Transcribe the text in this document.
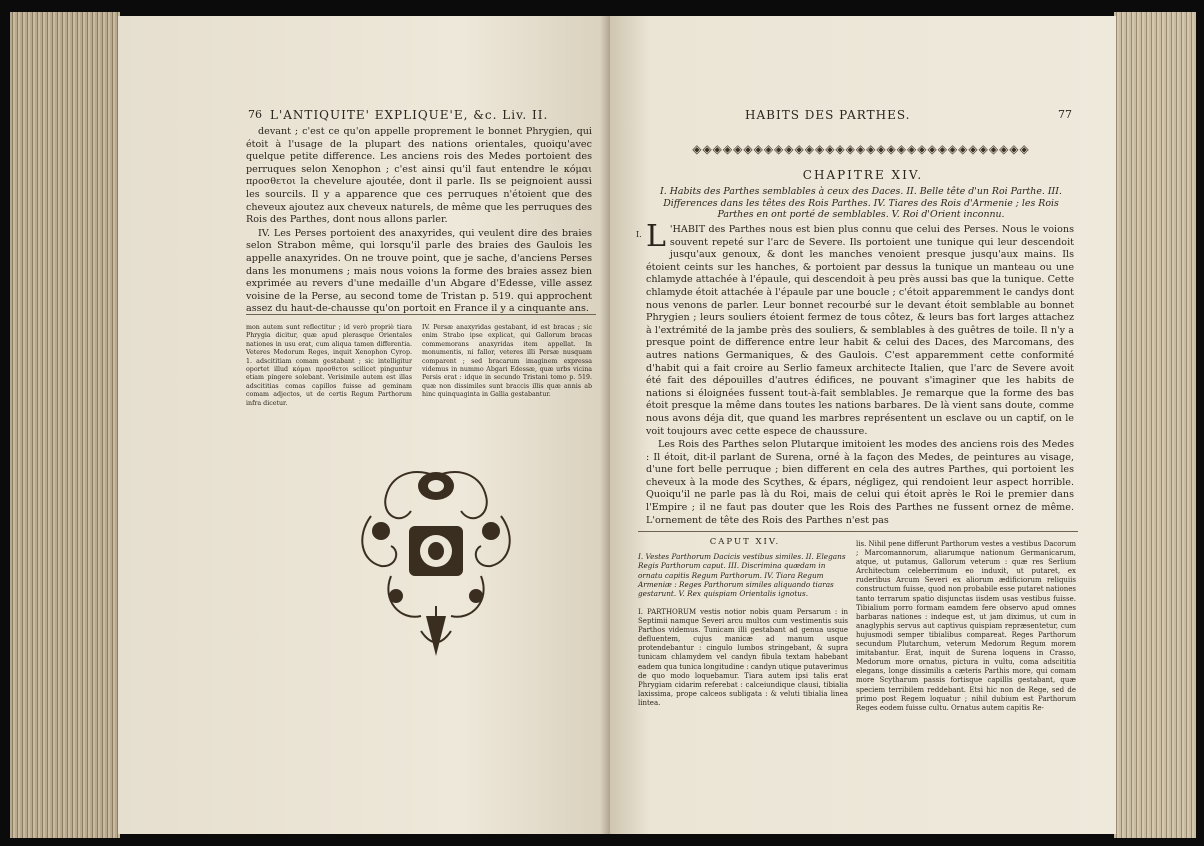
76 L'ANTIQUITE' EXPLIQUE'E, &c. Liv. II.

devant ; c'est ce qu'on appelle proprement le bonnet Phrygien, qui étoit à l'usage de la plupart des nations orientales, quoiqu'avec quelque petite difference. Les anciens rois des Medes portoient des perruques selon Xenophon ; c'est ainsi qu'il faut entendre le κόμαι προσθετοι la chevelure ajoutée, dont il parle. Ils se peignoient aussi les sourcils. Il y a apparence que ces perruques n'étoient que des cheveux ajoutez aux cheveux naturels, de même que les perruques des Rois des Parthes, dont nous allons parler.

IV. Les Perses portoient des anaxyrides, qui veulent dire des braies selon Strabon même, qui lorsqu'il parle des braies des Gaulois les appelle anaxyrides. On ne trouve point, que je sache, d'anciens Perses dans les monumens ; mais nous voions la forme des braies assez bien exprimée au revers d'une medaille d'un Abgare d'Edesse, ville assez voisine de la Perse, au second tome de Tristan p. 519. qui approchent assez du haut-de-chausse qu'on portoit en France il y a cinquante ans.

mon autem sunt reflectitur ; id verò propriè tiara Phrygia dicitur, quæ apud plerasque Orientales nationes in usu erat, cum aliqua tamen differentia. Veteres Medorum Reges, inquit Xenophon Cyrop. 1. adscititiam comam gestabant ; sic intelligitur oportet illud κόμαι προσθετοι scilicet pinguntur etiam pingere solebant. Verisimile autem est illas adscititias comas capillos fuisse ad geminam comam adjectos, ut de certis Regum Parthorum infra dicetur.

IV. Persæ anaxyridas gestabant, id est bracas ; sic enim Strabo ipse explicat, qui Gallorum bracas commemorans anaxyridas item appellat. In monumentis, ni fallor, veteres illi Persæ nusquam comparent ; sed bracarum imaginem expressa videmus in nummo Abgari Edessæ, quæ urbs vicina Persis erat : idque in secundo Tristani tomo p. 519. quæ non dissimiles sunt braccis illis quæ annis ab hinc quinquaginta in Gallia gestabantur.

HABITS DES PARTHES.	77
◈◈◈◈◈◈◈◈◈◈◈◈◈◈◈◈◈◈◈◈◈◈◈◈◈◈◈◈◈◈◈◈◈
CHAPITRE XIV.
I. Habits des Parthes semblables à ceux des Daces. II. Belle tête d'un Roi Parthe. III. Differences dans les têtes des Rois Parthes. IV. Tiares des Rois d'Armenie ; les Rois Parthes en ont porté de semblables. V. Roi d'Orient inconnu.
I. L 'HABIT des Parthes nous est bien plus connu que celui des Perses. Nous le voions souvent repeté sur l'arc de Severe. Ils portoient une tunique qui leur descendoit jusqu'aux genoux, & dont les manches venoient presque jusqu'aux mains. Ils étoient ceints sur les hanches, & portoient par dessus la tunique un manteau ou une chlamyde attachée à l'épaule, qui descendoit à peu près aussi bas que la tunique. Cette chlamyde étoit attachée à l'épaule par une boucle ; c'étoit apparemment le candys dont nous venons de parler. Leur bonnet recourbé sur le devant étoit semblable au bonnet Phrygien ; leurs souliers étoient fermez de tous côtez, & leurs bas fort larges attachez à l'extrémité de la jambe près des souliers, & semblables à des guêtres de toile. Il n'y a presque point de difference entre leur habit & celui des Daces, des Marcomans, des autres nations Germaniques, & des Gaulois. C'est apparemment cette conformité d'habit qui a fait croire au Serlio fameux architecte Italien, que l'arc de Severe avoit été fait des dépouilles d'autres édifices, ne pouvant s'imaginer que les habits de nations si éloignées fussent tout-à-fait semblables. Je remarque que la forme des bas étoit presque la même dans toutes les nations barbares. De là vient sans doute, comme nous avons déja dit, que quand les marbres représentent un esclave ou un captif, on le voit toujours avec cette espece de chaussure.

Les Rois des Parthes selon Plutarque imitoient les modes des anciens rois des Medes : Il étoit, dit-il parlant de Surena, orné à la façon des Medes, de peintures au visage, d'une fort belle perruque ; bien different en cela des autres Parthes, qui portoient les cheveux à la mode des Scythes, & épars, négligez, qui rendoient leur aspect horrible. Quoiqu'il ne parle pas là du Roi, mais de celui qui étoit après le Roi le premier dans l'Empire ; il ne faut pas douter que les Rois des Parthes ne fussent ornez de même. L'ornement de tête des Rois des Parthes n'est pas

CAPUT XIV.
I. Vestes Parthorum Dacicis vestibus similes. II. Elegans Regis Parthorum caput. III. Discrimina quædam in ornatu capitis Regum Parthorum. IV. Tiara Regum Armeniæ : Reges Parthorum similes aliquando tiaras gestarunt. V. Rex quispiam Orientalis ignotus.
I. PARTHORUM vestis notior nobis quam Persarum : in Septimii namque Severi arcu multos cum vestimentis suis Parthos videmus. Tunicam illi gestabant ad genua usque defluentem, cujus manicæ ad manum usque protendebantur : cingulo lumbos stringebant, & supra tunicam chlamydem vel candyn fibula textam habebant eadem qua tunica longitudine : candyn utique putaverimus de quo modo loquebamur. Tiara autem ipsi talis erat Phrygiam cidarim referebat : calceiundique clausi, tibialia laxissima, prope calceos subligata : & veluti tibialia linea lintea.
lis. Nihil pene differunt Parthorum vestes a vestibus Dacorum ; Marcomannorum, aliarumque nationum Germanicarum, atque, ut putamus, Gallorum veterum : quæ res Serlium Architectum celeberrimum eo induxit, ut putaret, ex ruderibus Arcum Severi ex aliorum ædificiorum reliquiis constructum fuisse, quod non probabile esse putaret nationes tanto terrarum spatio disjunctas iisdem usas vestibus fuisse. Tibialium porro formam eamdem fere observo apud omnes barbaras nationes : indeque est, ut jam diximus, ut cum in anaglyphis servus aut captivus quispiam repræsentetur, cum hujusmodi semper tibialibus compareat. Reges Parthorum secundum Plutarchum, veterum Medorum Regum morem imitabantur. Erat, inquit de Surena loquens in Crasso, Medorum more ornatus, pictura in vultu, coma adscititia elegans, longe dissimilis a cæteris Parthis more, qui comam more Scytharum passis fortisque capillis gestabant, quæ speciem terribilem reddebant. Etsi hic non de Rege, sed de primo post Regem loquatur ; nihil dubium est Parthorum Reges eodem fuisse cultu. Ornatus autem capitis Re-
